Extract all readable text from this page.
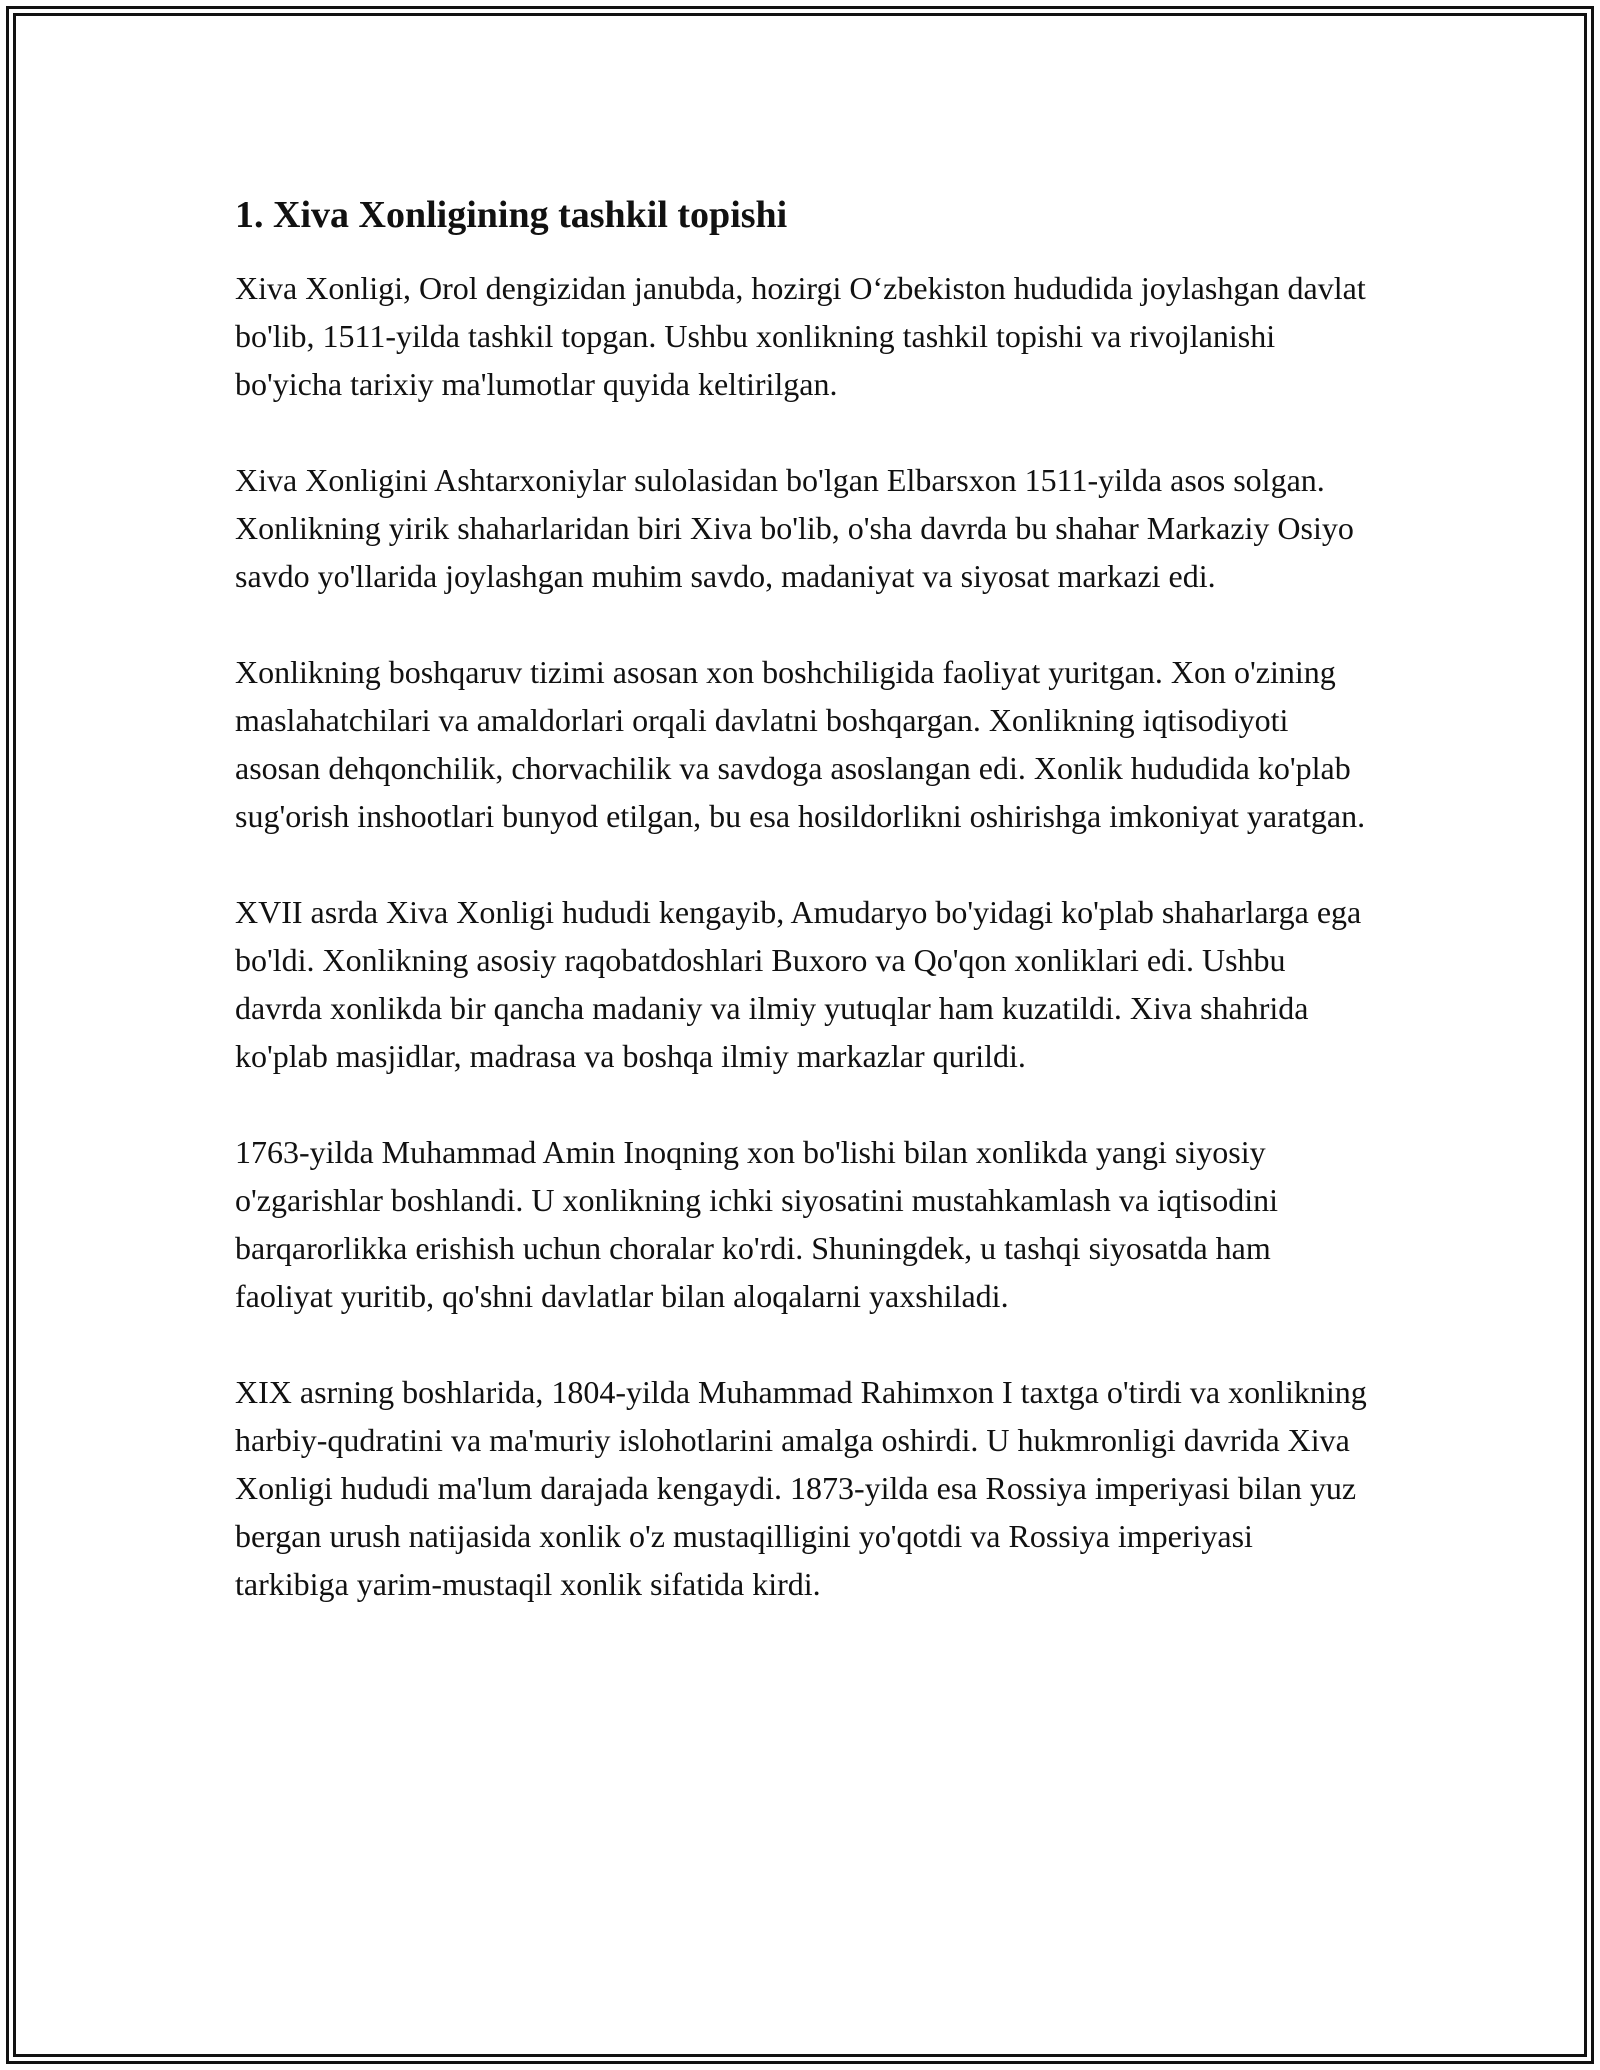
1. Xiva Xonligining tashkil topishi

Xiva Xonligi, Orol dengizidan janubda, hozirgi O‘zbekiston hududida joylashgan davlat bo'lib, 1511-yilda tashkil topgan. Ushbu xonlikning tashkil topishi va rivojlanishi bo'yicha tarixiy ma'lumotlar quyida keltirilgan.

Xiva Xonligini Ashtarxoniylar sulolasidan bo'lgan Elbarsxon 1511-yilda asos solgan. Xonlikning yirik shaharlaridan biri Xiva bo'lib, o'sha davrda bu shahar Markaziy Osiyo savdo yo'llarida joylashgan muhim savdo, madaniyat va siyosat markazi edi.

Xonlikning boshqaruv tizimi asosan xon boshchiligida faoliyat yuritgan. Xon o'zining maslahatchilari va amaldorlari orqali davlatni boshqargan. Xonlikning iqtisodiyoti asosan dehqonchilik, chorvachilik va savdoga asoslangan edi. Xonlik hududida ko'plab sug'orish inshootlari bunyod etilgan, bu esa hosildorlikni oshirishga imkoniyat yaratgan.

XVII asrda Xiva Xonligi hududi kengayib, Amudaryo bo'yidagi ko'plab shaharlarga ega bo'ldi. Xonlikning asosiy raqobatdoshlari Buxoro va Qo'qon xonliklari edi. Ushbu davrda xonlikda bir qancha madaniy va ilmiy yutuqlar ham kuzatildi. Xiva shahrida ko'plab masjidlar, madrasa va boshqa ilmiy markazlar qurildi.

1763-yilda Muhammad Amin Inoqning xon bo'lishi bilan xonlikda yangi siyosiy o'zgarishlar boshlandi. U xonlikning ichki siyosatini mustahkamlash va iqtisodini barqarorlikka erishish uchun choralar ko'rdi. Shuningdek, u tashqi siyosatda ham faoliyat yuritib, qo'shni davlatlar bilan aloqalarni yaxshiladi.

XIX asrning boshlarida, 1804-yilda Muhammad Rahimxon I taxtga o'tirdi va xonlikning harbiy-qudratini va ma'muriy islohotlarini amalga oshirdi. U hukmronligi davrida Xiva Xonligi hududi ma'lum darajada kengaydi. 1873-yilda esa Rossiya imperiyasi bilan yuz bergan urush natijasida xonlik o'z mustaqilligini yo'qotdi va Rossiya imperiyasi tarkibiga yarim-mustaqil xonlik sifatida kirdi.
